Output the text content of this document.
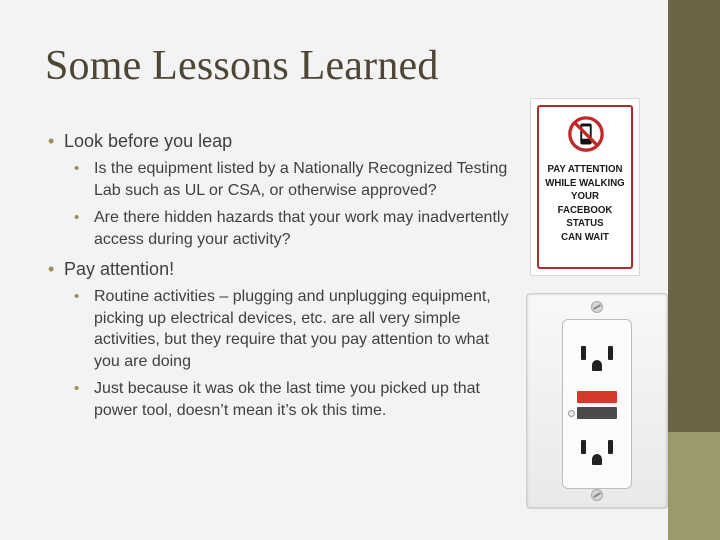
Some Lessons Learned
• Look before you leap
• Is the equipment listed by a Nationally Recognized Testing Lab such as UL or CSA, or otherwise approved?
• Are there hidden hazards that your work may inadvertently access during your activity?
• Pay attention!
• Routine activities – plugging and unplugging equipment, picking up electrical devices, etc. are all very simple activities, but they require that you pay attention to what you are doing
• Just because it was ok the last time you picked up that power tool, doesn’t mean it’s ok this time.
PAY ATTENTION
WHILE WALKING
YOUR
FACEBOOK
STATUS
CAN WAIT
